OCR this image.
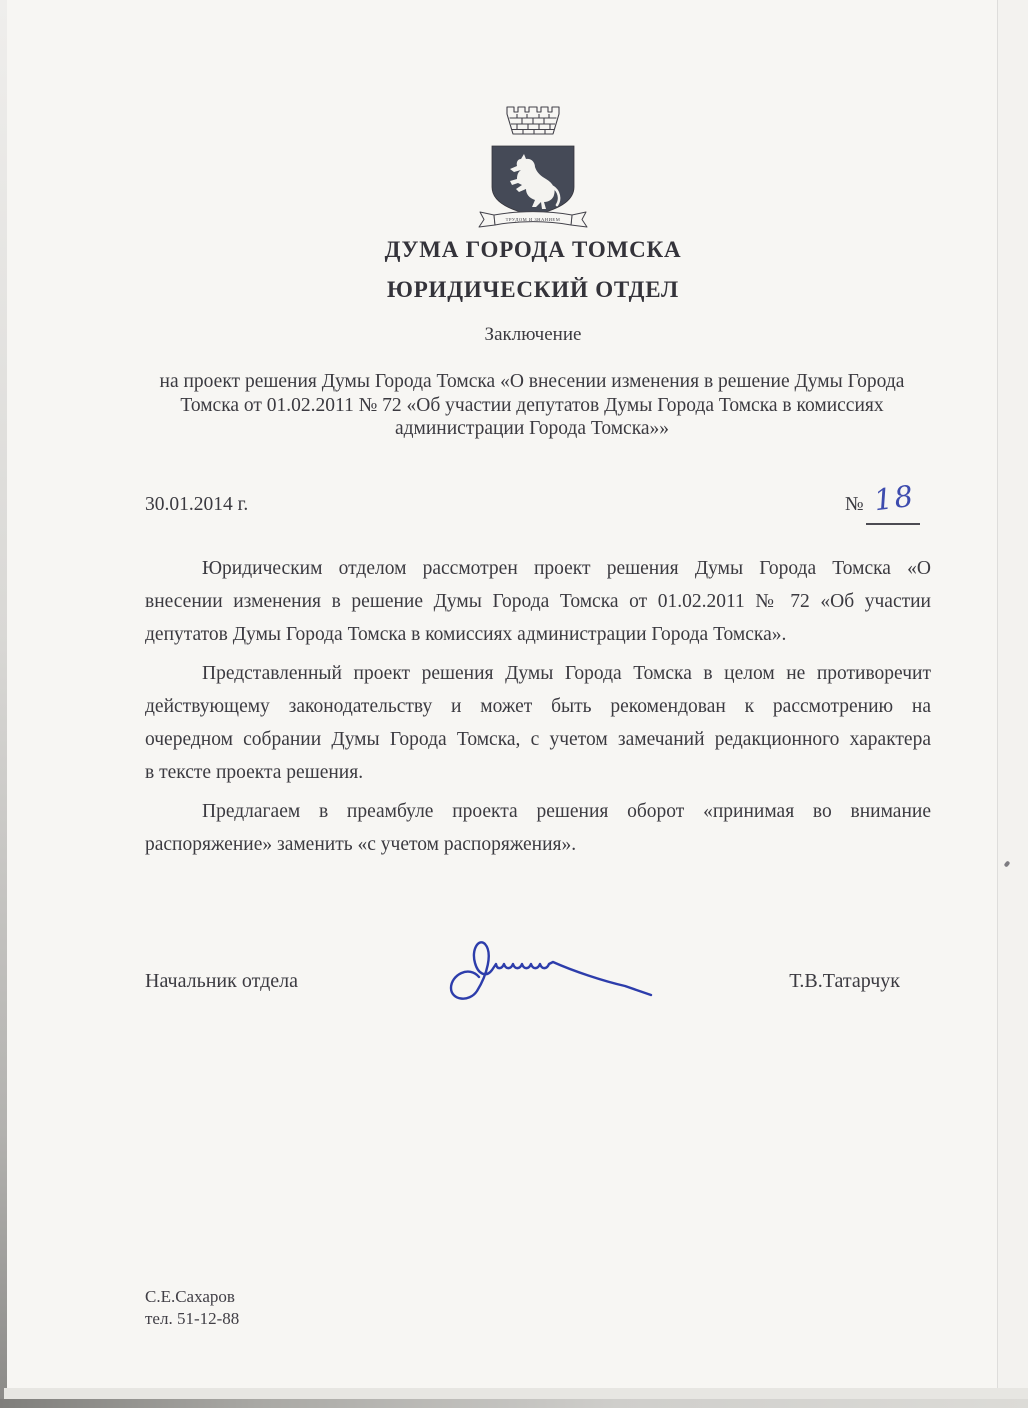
ТРУДОМ И ЗНАНИЕМ
ДУМА ГОРОДА ТОМСКА
ЮРИДИЧЕСКИЙ ОТДЕЛ
Заключение
на проект решения Думы Города Томска «О внесении изменения в решение Думы Города
Томска от 01.02.2011 № 72 «Об участии депутатов Думы Города Томска в комиссиях
администрации Города Томска»»
30.01.2014 г.	№ 18
Юридическим отделом рассмотрен проект решения Думы Города Томска «О
внесении изменения в решение Думы Города Томска от 01.02.2011 № 72 «Об участии
депутатов Думы Города Томска в комиссиях администрации Города Томска».
Представленный проект решения Думы Города Томска в целом не противоречит
действующему законодательству и может быть рекомендован к рассмотрению на
очередном собрании Думы Города Томска, с учетом замечаний редакционного характера
в тексте проекта решения.
Предлагаем в преамбуле проекта решения оборот «принимая во внимание
распоряжение» заменить «с учетом распоряжения».
Начальник отдела	Т.В.Татарчук
С.Е.Сахаров
тел. 51-12-88
